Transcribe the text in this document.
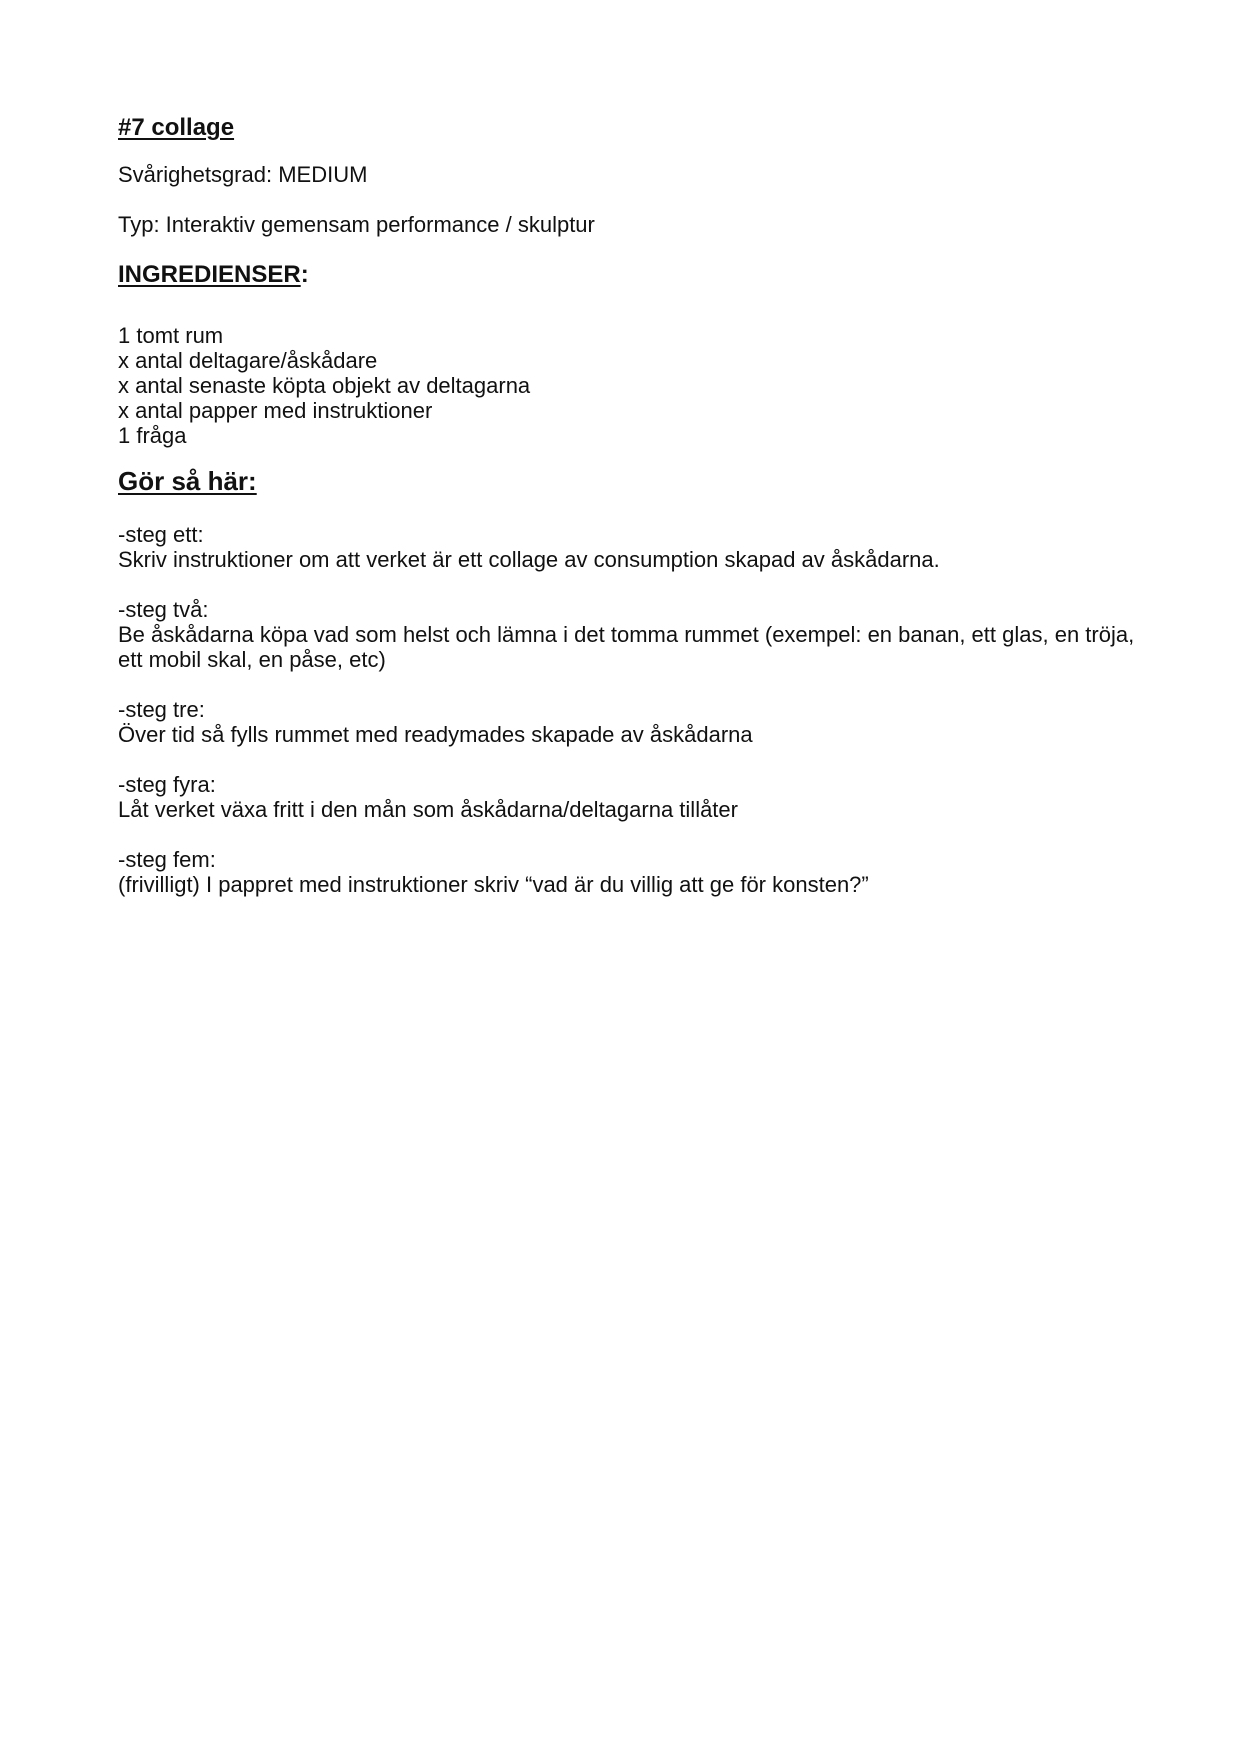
#7 collage
Svårighetsgrad: MEDIUM
Typ: Interaktiv gemensam performance / skulptur
INGREDIENSER:
1 tomt rum
x antal deltagare/åskådare
x antal senaste köpta objekt av deltagarna
x antal papper med instruktioner
1 fråga
Gör så här:
-steg ett:
Skriv instruktioner om att verket är ett collage av consumption skapad av åskådarna.
-steg två:
Be åskådarna köpa vad som helst och lämna i det tomma rummet (exempel: en banan, ett glas, en tröja, ett mobil skal, en påse, etc)
-steg tre:
Över tid så fylls rummet med readymades skapade av åskådarna
-steg fyra:
Låt verket växa fritt i den mån som åskådarna/deltagarna tillåter
-steg fem:
(frivilligt) I pappret med instruktioner skriv “vad är du villig att ge för konsten?”
